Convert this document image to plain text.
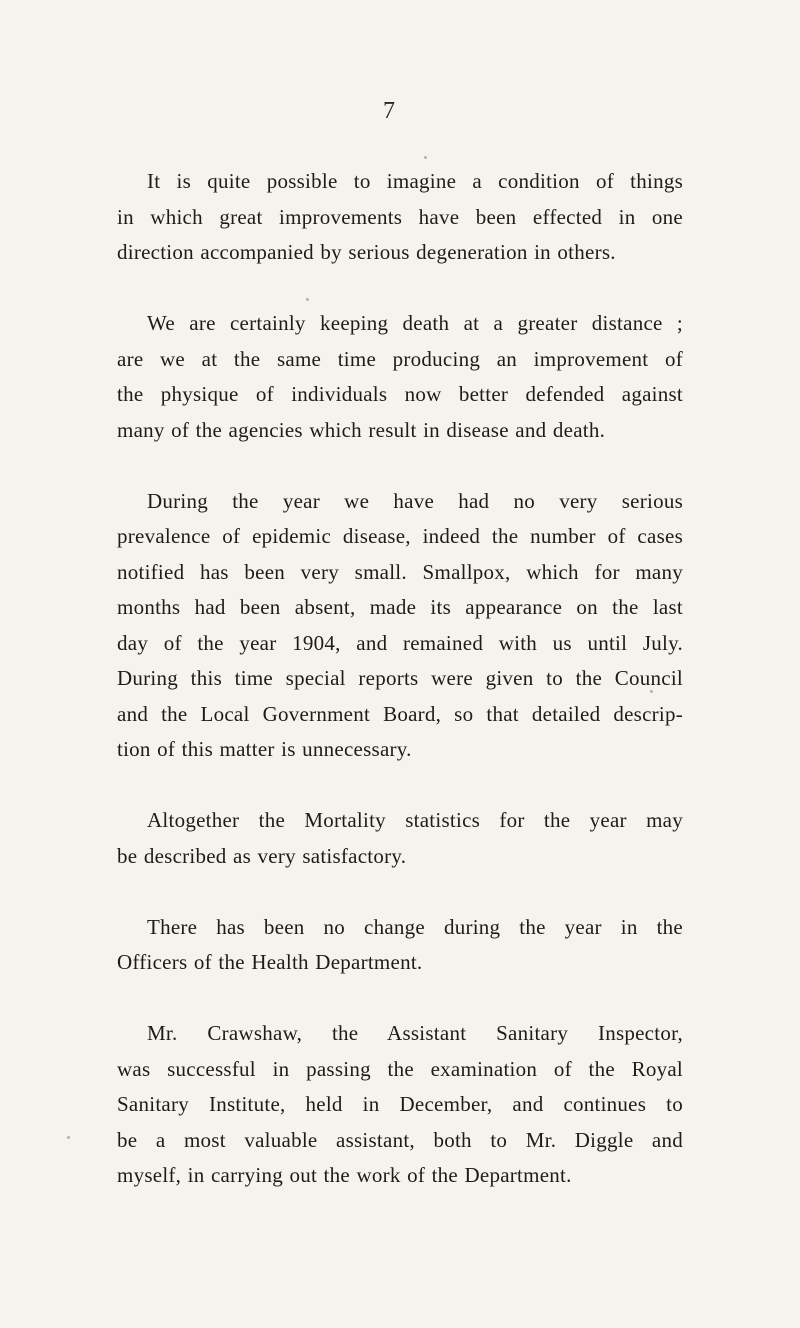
7

It is quite possible to imagine a condition of things
in which great improvements have been effected in one
direction accompanied by serious degeneration in others.

We are certainly keeping death at a greater distance ;
are we at the same time producing an improvement of
the physique of individuals now better defended against
many of the agencies which result in disease and death.

During the year we have had no very serious
prevalence of epidemic disease, indeed the number of cases
notified has been very small. Smallpox, which for many
months had been absent, made its appearance on the last
day of the year 1904, and remained with us until July.
During this time special reports were given to the Council
and the Local Government Board, so that detailed descrip-
tion of this matter is unnecessary.

Altogether the Mortality statistics for the year may
be described as very satisfactory.

There has been no change during the year in the
Officers of the Health Department.

Mr. Crawshaw, the Assistant Sanitary Inspector,
was successful in passing the examination of the Royal
Sanitary Institute, held in December, and continues to
be a most valuable assistant, both to Mr. Diggle and
myself, in carrying out the work of the Department.
